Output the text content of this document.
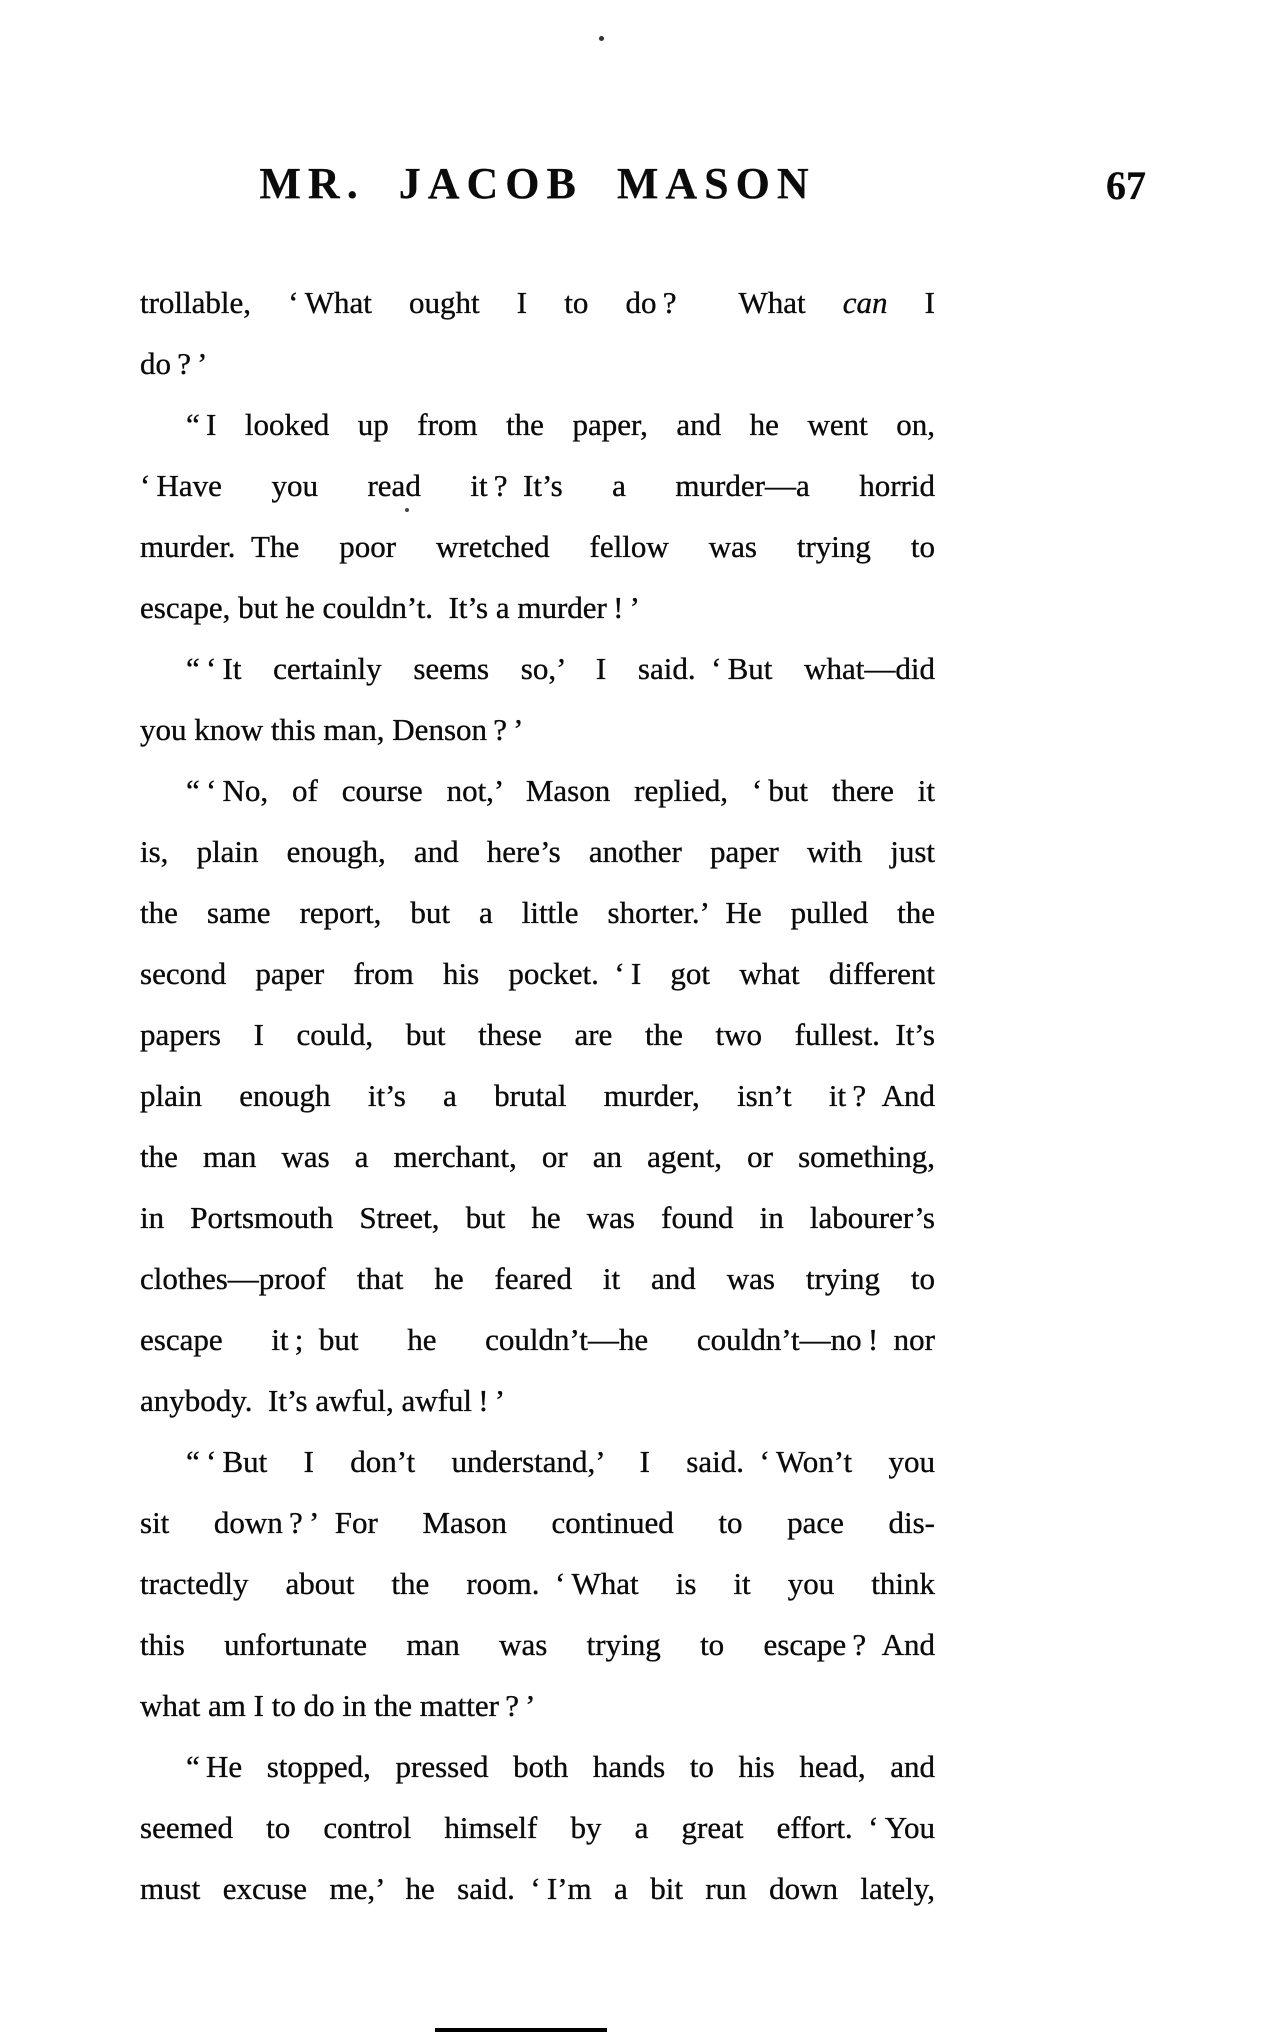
MR. JACOB MASON	67
trollable, ‘ What ought I to do ?  What can I
do ? ’
“ I looked up from the paper, and he went on,
‘ Have you read it ? It’s a murder—a horrid
murder. The poor wretched fellow was trying to
escape, but he couldn’t. It’s a murder ! ’
“ ‘ It certainly seems so,’ I said. ‘ But what—did
you know this man, Denson ? ’
“ ‘ No, of course not,’ Mason replied, ‘ but there it
is, plain enough, and here’s another paper with just
the same report, but a little shorter.’ He pulled the
second paper from his pocket. ‘ I got what different
papers I could, but these are the two fullest. It’s
plain enough it’s a brutal murder, isn’t it ? And
the man was a merchant, or an agent, or something,
in Portsmouth Street, but he was found in labourer’s
clothes—proof that he feared it and was trying to
escape it ; but he couldn’t—he couldn’t—no ! nor
anybody. It’s awful, awful ! ’
“ ‘ But I don’t understand,’ I said. ‘ Won’t you
sit down ? ’ For Mason continued to pace dis-
tractedly about the room. ‘ What is it you think
this unfortunate man was trying to escape ? And
what am I to do in the matter ? ’
“ He stopped, pressed both hands to his head, and
seemed to control himself by a great effort. ‘ You
must excuse me,’ he said. ‘ I’m a bit run down lately,
